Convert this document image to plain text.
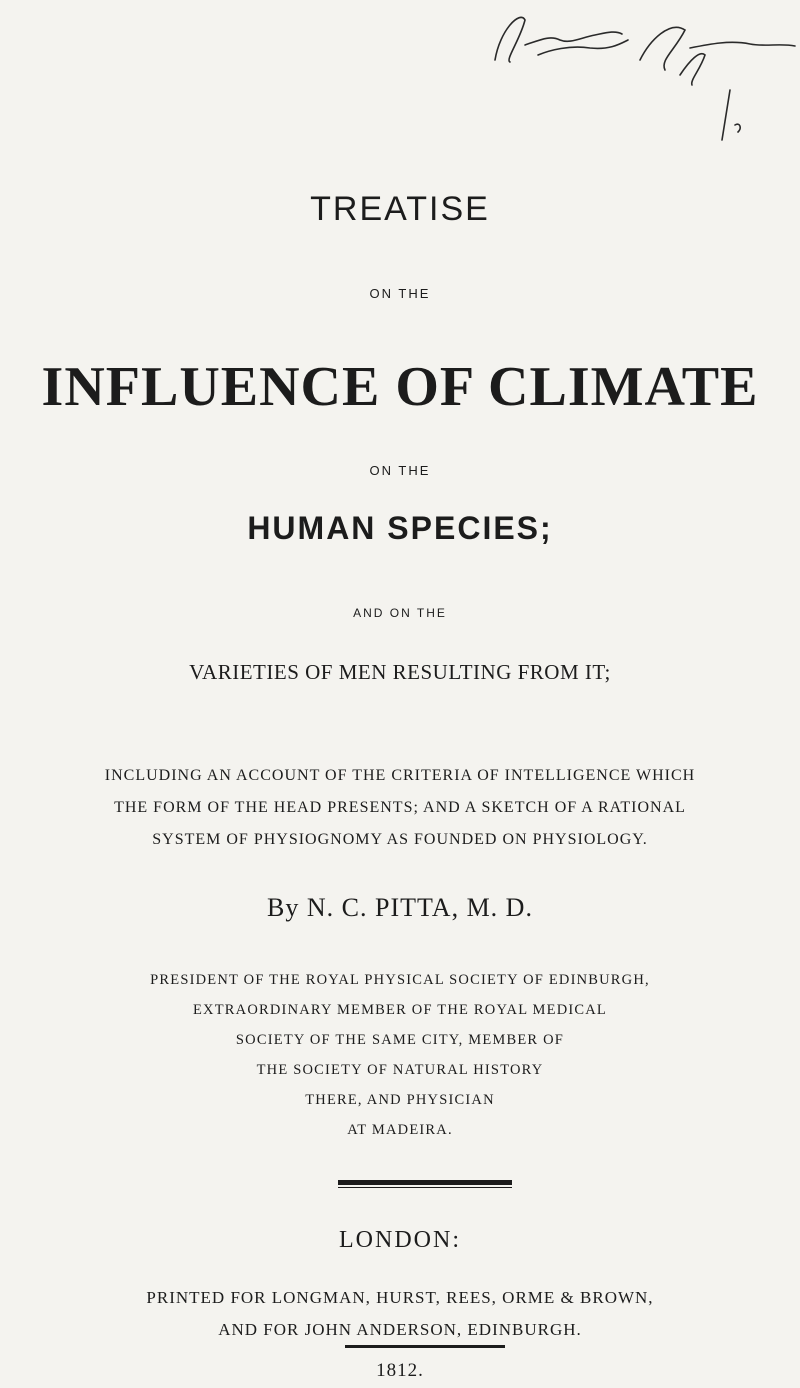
TREATISE
ON THE
INFLUENCE OF CLIMATE
ON THE
HUMAN SPECIES;
AND ON THE
VARIETIES OF MEN RESULTING FROM IT;
INCLUDING AN ACCOUNT OF THE CRITERIA OF INTELLIGENCE WHICH
THE FORM OF THE HEAD PRESENTS; AND A SKETCH OF A RATIONAL
SYSTEM OF PHYSIOGNOMY AS FOUNDED ON PHYSIOLOGY.
By N. C. PITTA, M. D.
PRESIDENT OF THE ROYAL PHYSICAL SOCIETY OF EDINBURGH,
EXTRAORDINARY MEMBER OF THE ROYAL MEDICAL
SOCIETY OF THE SAME CITY, MEMBER OF
THE SOCIETY OF NATURAL HISTORY
THERE, AND PHYSICIAN
AT MADEIRA.
LONDON:
PRINTED FOR LONGMAN, HURST, REES, ORME & BROWN,
AND FOR JOHN ANDERSON, EDINBURGH.
1812.
